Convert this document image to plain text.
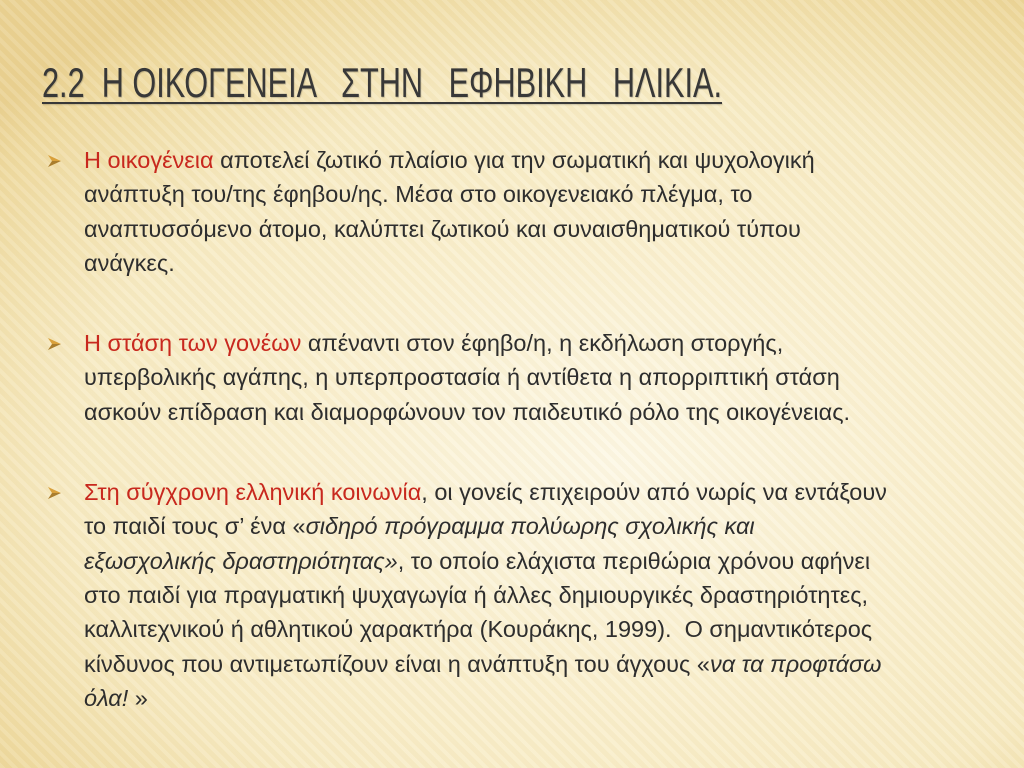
2.2  Η ΟΙΚΟΓΕΝΕΙΑ   ΣΤΗΝ   ΕΦΗΒΙΚΗ   ΗΛΙΚΙΑ.
Η οικογένεια αποτελεί ζωτικό πλαίσιο για την σωματική και ψυχολογική
ανάπτυξη του/της έφηβου/ης. Μέσα στο οικογενειακό πλέγμα, το
αναπτυσσόμενο άτομο, καλύπτει ζωτικού και συναισθηματικού τύπου
ανάγκες.
Η στάση των γονέων απέναντι στον έφηβο/η, η εκδήλωση στοργής,
υπερβολικής αγάπης, η υπερπροστασία ή αντίθετα η απορριπτική στάση
ασκούν επίδραση και διαμορφώνουν τον παιδευτικό ρόλο της οικογένειας.
Στη σύγχρονη ελληνική κοινωνία, οι γονείς επιχειρούν από νωρίς να εντάξουν
το παιδί τους σ’ ένα «σιδηρό πρόγραμμα πολύωρης σχολικής και
εξωσχολικής δραστηριότητας», το οποίο ελάχιστα περιθώρια χρόνου αφήνει
στο παιδί για πραγματική ψυχαγωγία ή άλλες δημιουργικές δραστηριότητες,
καλλιτεχνικού ή αθλητικού χαρακτήρα (Κουράκης, 1999).  Ο σημαντικότερος
κίνδυνος που αντιμετωπίζουν είναι η ανάπτυξη του άγχους «να τα προφτάσω
όλα! »
